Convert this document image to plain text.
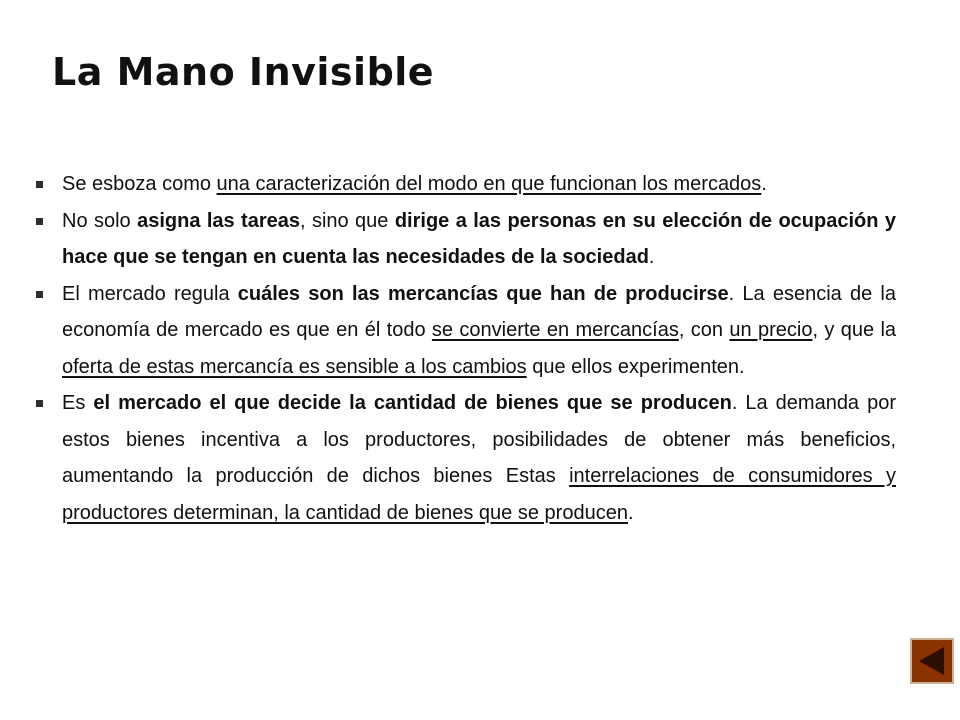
La Mano Invisible
Se esboza como una caracterización del modo en que funcionan los mercados.
No solo asigna las tareas, sino que dirige a las personas en su elección de ocupación y hace que se tengan en cuenta las necesidades de la sociedad.
El mercado regula cuáles son las mercancías que han de producirse. La esencia de la economía de mercado es que en él todo se convierte en mercancías, con un precio, y que la oferta de estas mercancía es sensible a los cambios que ellos experimenten.
Es el mercado el que decide la cantidad de bienes que se producen. La demanda por estos bienes incentiva a los productores, posibilidades de obtener más beneficios, aumentando la producción de dichos bienes Estas interrelaciones de consumidores y productores determinan, la cantidad de bienes que se producen.
